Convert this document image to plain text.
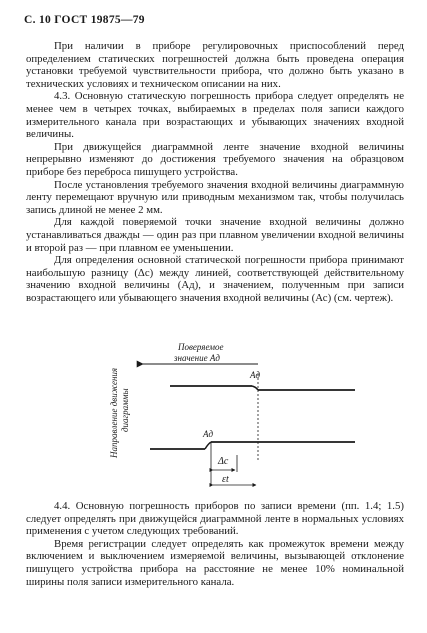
С. 10 ГОСТ 19875—79

При наличии в приборе регулировочных приспособлений перед определением статических погрешностей должна быть проведена операция установки требуемой чувствительности прибора, что должно быть указано в технических условиях и техническом описании на них.

4.3. Основную статическую погрешность прибора следует определять не менее чем в четырех точках, выбираемых в пределах поля записи каждого измерительного канала при возрастающих и убывающих значениях входной величины.

При движущейся диаграммной ленте значение входной величины непрерывно изменяют до достижения требуемого значения на образцовом приборе без переброса пишущего устройства.

После установления требуемого значения входной величины диаграммную ленту перемещают вручную или приводным механизмом так, чтобы получилась запись длиной не менее 2 мм.

Для каждой поверяемой точки значение входной величины должно устанавливаться дважды — один раз при плавном увеличении входной величины и второй раз — при плавном ее уменьшении.

Для определения основной статической погрешности прибора принимают наибольшую разницу (Δс) между линией, соответствующей действительному значению входной величины (Ад), и значением, полученным при записи возрастающего или убывающего значения входной величины (Ас) (см. чертеж).

Направление движения диаграммы
Поверяемое
значение Ад
Ад
Ад
Δс
εt

4.4. Основную погрешность приборов по записи времени (пп. 1.4; 1.5) следует определять при движущейся диаграммной ленте в нормальных условиях применения с учетом следующих требований.

Время регистрации следует определять как промежуток времени между включением и выключением измеряемой величины, вызывающей отклонение пишущего устройства прибора на расстояние не менее 10% номинальной ширины поля записи измерительного канала.
